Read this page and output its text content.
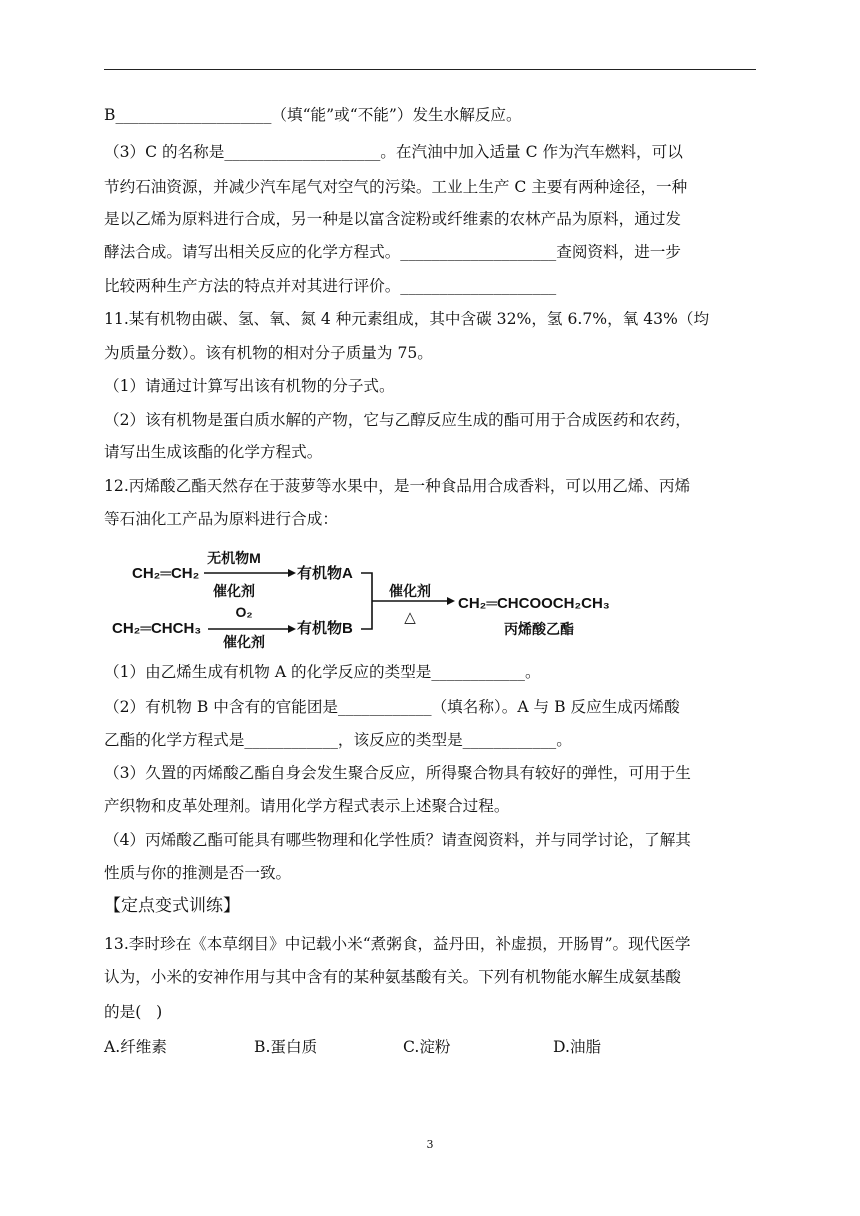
B____________________（填“能”或“不能”）发生水解反应。
（3）C 的名称是____________________。在汽油中加入适量 C 作为汽车燃料，可以
节约石油资源，并减少汽车尾气对空气的污染。工业上生产 C 主要有两种途径，一种
是以乙烯为原料进行合成，另一种是以富含淀粉或纤维素的农林产品为原料，通过发
酵法合成。请写出相关反应的化学方程式。____________________查阅资料，进一步
比较两种生产方法的特点并对其进行评价。____________________
11.某有机物由碳、氢、氧、氮 4 种元素组成，其中含碳 32%，氢 6.7%，氧 43%（均
为质量分数）。该有机物的相对分子质量为 75。
（1）请通过计算写出该有机物的分子式。
（2）该有机物是蛋白质水解的产物，它与乙醇反应生成的酯可用于合成医药和农药，
请写出生成该酯的化学方程式。
12.丙烯酸乙酯天然存在于菠萝等水果中，是一种食品用合成香料，可以用乙烯、丙烯
等石油化工产品为原料进行合成：
CH₂═CH₂
无机物M
催化剂
有机物A
CH₂═CHCH₃
O₂
催化剂
有机物B
催化剂
△
CH₂═CHCOOCH₂CH₃
丙烯酸乙酯
（1）由乙烯生成有机物 A 的化学反应的类型是____________。
（2）有机物 B 中含有的官能团是____________（填名称）。A 与 B 反应生成丙烯酸
乙酯的化学方程式是____________，该反应的类型是____________。
（3）久置的丙烯酸乙酯自身会发生聚合反应，所得聚合物具有较好的弹性，可用于生
产织物和皮革处理剂。请用化学方程式表示上述聚合过程。
（4）丙烯酸乙酯可能具有哪些物理和化学性质？请查阅资料，并与同学讨论，了解其
性质与你的推测是否一致。
【定点变式训练】
13.李时珍在《本草纲目》中记载小米“煮粥食，益丹田，补虚损，开肠胃”。现代医学
认为，小米的安神作用与其中含有的某种氨基酸有关。下列有机物能水解生成氨基酸
的是(   )
A.纤维素	B.蛋白质	C.淀粉	D.油脂
3
